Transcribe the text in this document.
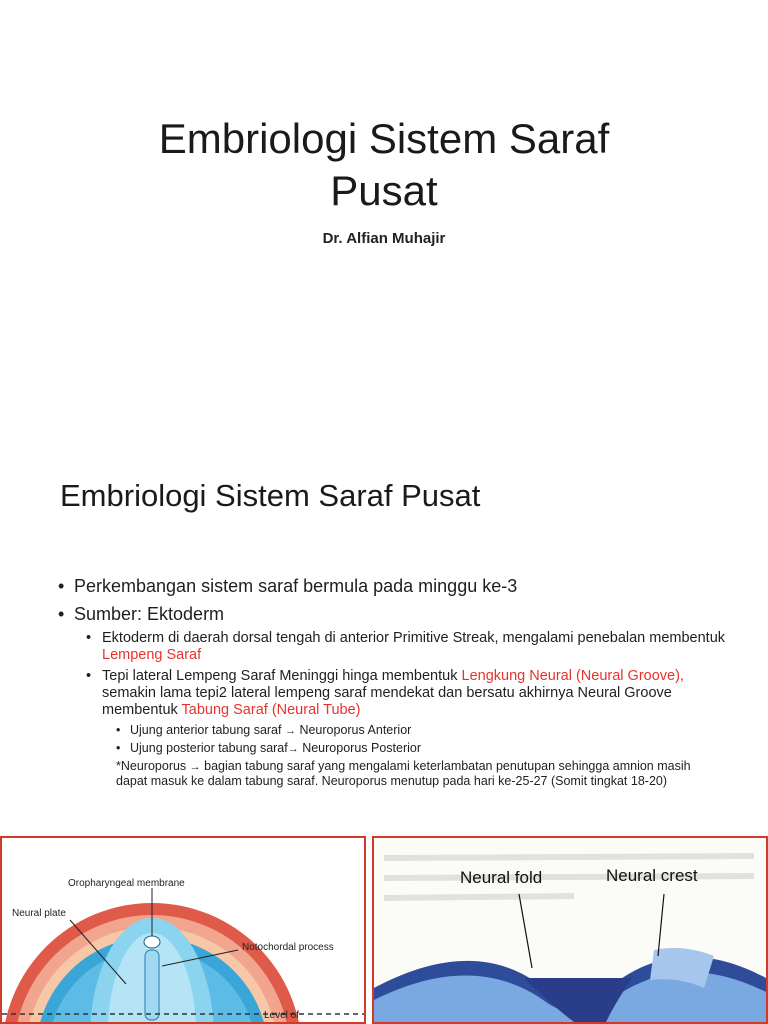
Embriologi Sistem Saraf
Pusat
Dr. Alfian Muhajir
Embriologi Sistem Saraf Pusat

• Perkembangan sistem saraf bermula pada minggu ke-3

• Sumber: Ektoderm

• Ektoderm di daerah dorsal tengah di anterior Primitive Streak, mengalami penebalan membentuk Lempeng Saraf

• Tepi lateral Lempeng Saraf Meninggi hinga membentuk Lengkung Neural (Neural Groove), semakin lama tepi2 lateral lempeng saraf mendekat dan bersatu akhirnya Neural Groove membentuk Tabung Saraf (Neural Tube)

• Ujung anterior tabung saraf → Neuroporus Anterior

• Ujung posterior tabung saraf→ Neuroporus Posterior

*Neuroporus → bagian tabung saraf yang mengalami keterlambatan penutupan sehingga amnion masih dapat masuk ke dalam tabung saraf. Neuroporus menutup pada hari ke-25-27 (Somit tingkat 18-20)

Oropharyngeal membrane
Neural plate
Notochordal process
Level of
Neural fold	Neural crest
